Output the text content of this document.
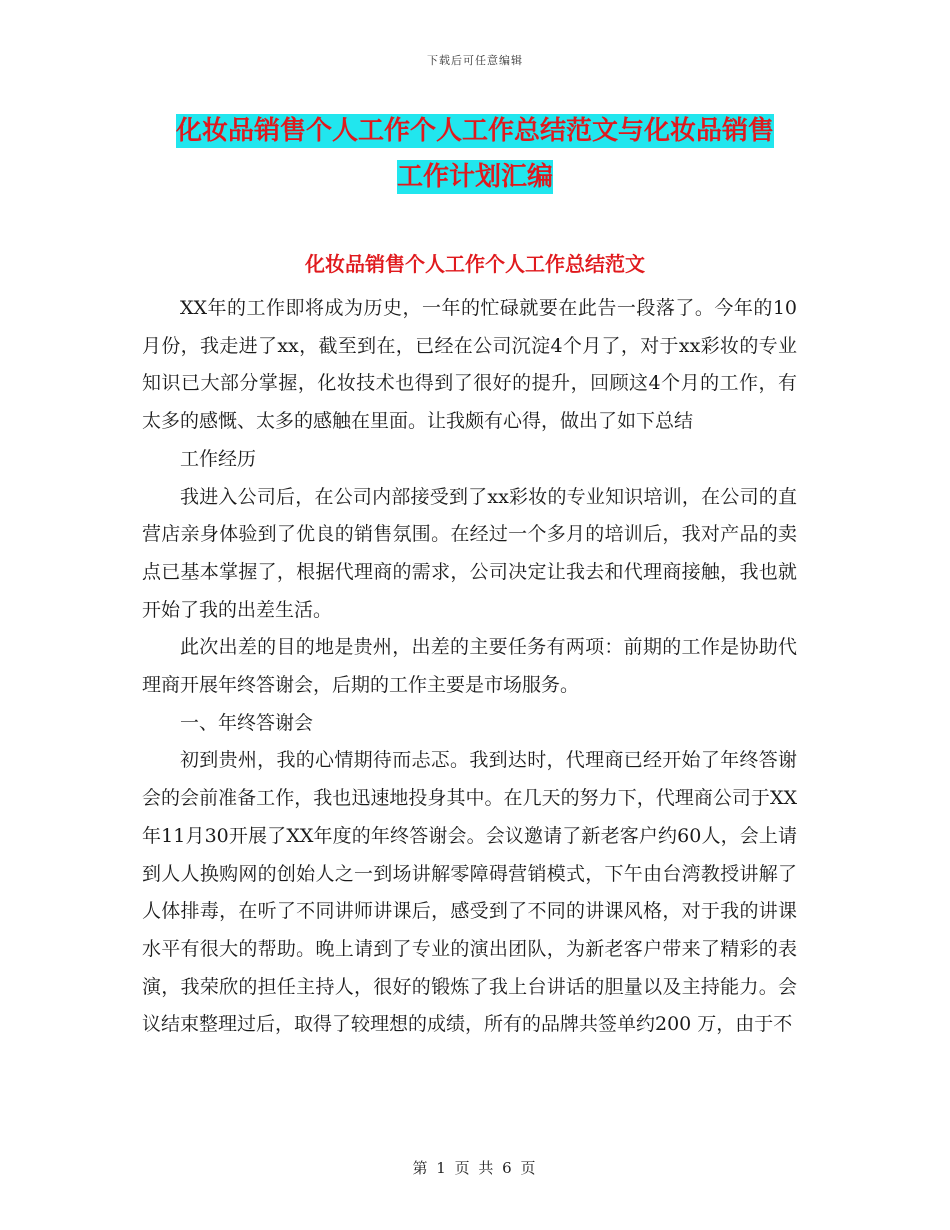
下载后可任意编辑
化妆品销售个人工作个人工作总结范文与化妆品销售
工作计划汇编
化妆品销售个人工作个人工作总结范文

XX年的工作即将成为历史，一年的忙碌就要在此告一段落了。今年的10月份，我走进了xx，截至到在，已经在公司沉淀4个月了，对于xx彩妆的专业知识已大部分掌握，化妆技术也得到了很好的提升，回顾这4个月的工作，有太多的感慨、太多的感触在里面。让我颇有心得，做出了如下总结

工作经历

我进入公司后，在公司内部接受到了xx彩妆的专业知识培训，在公司的直营店亲身体验到了优良的销售氛围。在经过一个多月的培训后，我对产品的卖点已基本掌握了，根据代理商的需求，公司决定让我去和代理商接触，我也就开始了我的出差生活。

此次出差的目的地是贵州，出差的主要任务有两项：前期的工作是协助代理商开展年终答谢会，后期的工作主要是市场服务。

一、年终答谢会

初到贵州，我的心情期待而忐忑。我到达时，代理商已经开始了年终答谢会的会前准备工作，我也迅速地投身其中。在几天的努力下，代理商公司于XX年11月30开展了XX年度的年终答谢会。会议邀请了新老客户约60人，会上请到人人换购网的创始人之一到场讲解零障碍营销模式，下午由台湾教授讲解了人体排毒，在听了不同讲师讲课后，感受到了不同的讲课风格，对于我的讲课水平有很大的帮助。晚上请到了专业的演出团队，为新老客户带来了精彩的表演，我荣欣的担任主持人，很好的锻炼了我上台讲话的胆量以及主持能力。会议结束整理过后，取得了较理想的成绩，所有的品牌共签单约200 万，由于不

第 1 页 共 6 页
